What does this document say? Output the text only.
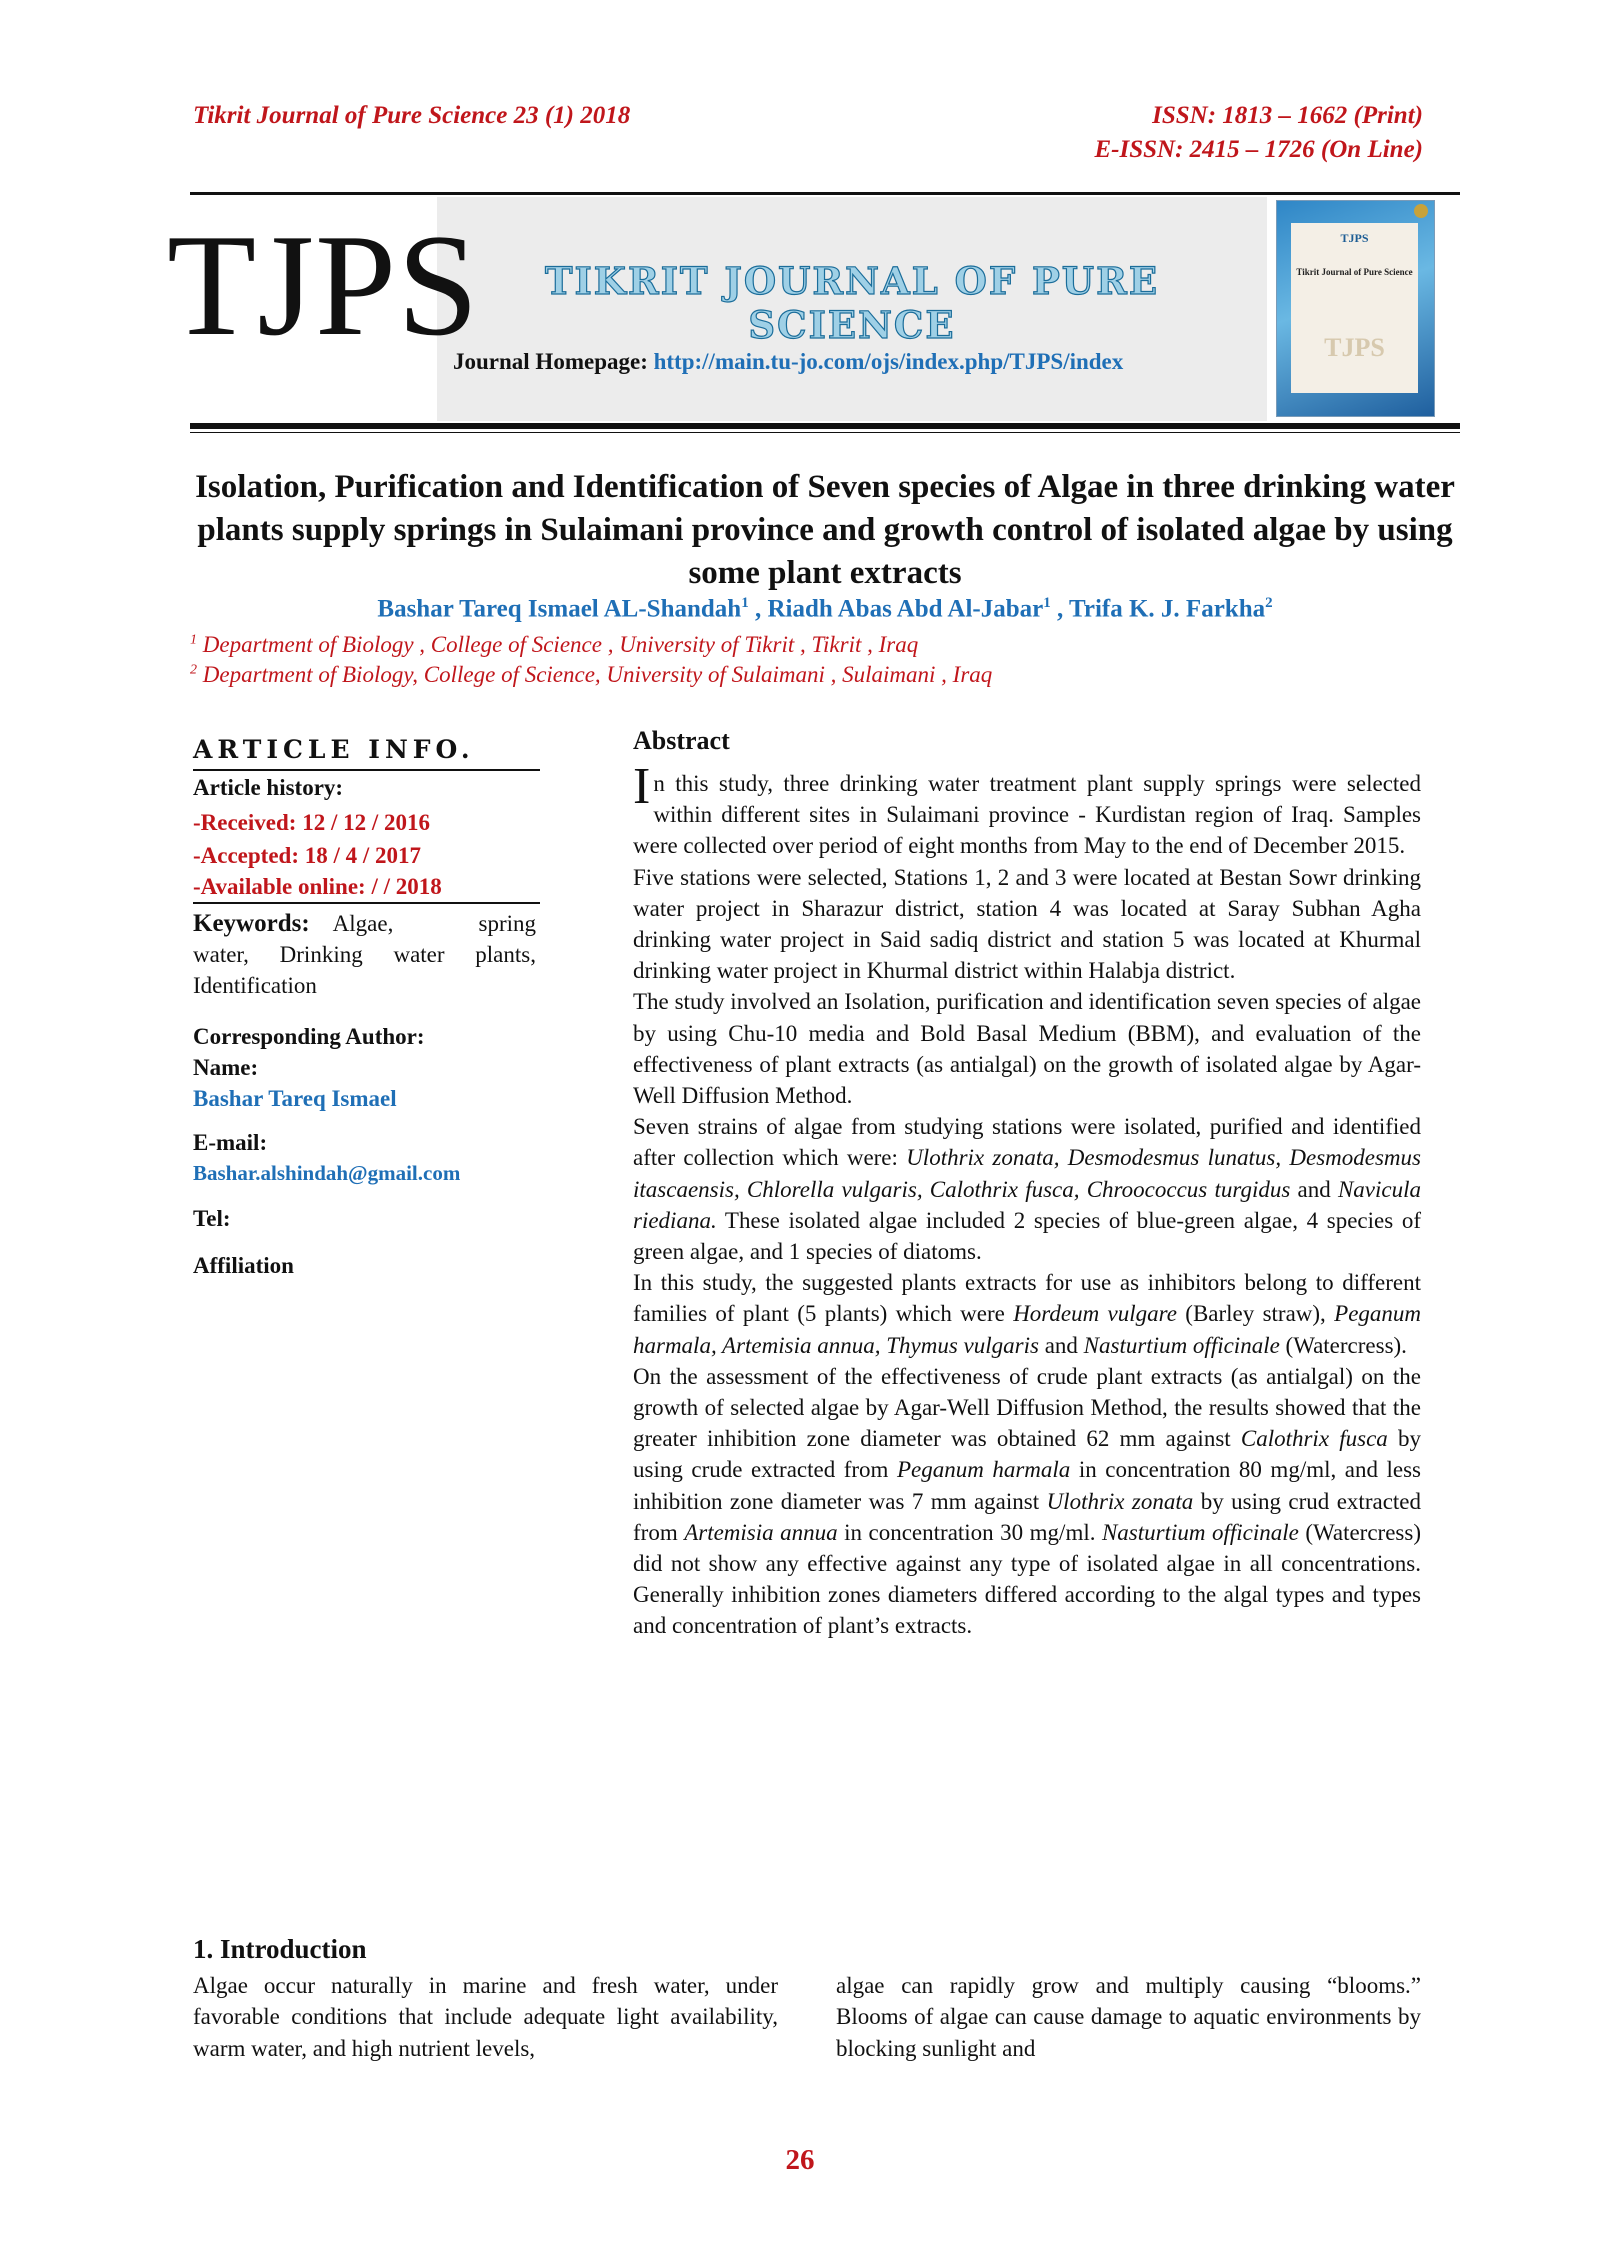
Tikrit Journal of Pure Science 23 (1) 2018	ISSN: 1813 – 1662 (Print)
E-ISSN: 2415 – 1726 (On Line)
TJPS	TIKRIT JOURNAL OF PURE SCIENCE
Journal Homepage: http://main.tu-jo.com/ojs/index.php/TJPS/index
TJPS
Tikrit Journal of Pure Science
TJPS
Isolation, Purification and Identification of Seven species of Algae in three drinking water plants supply springs in Sulaimani province and growth control of isolated algae by using some plant extracts
Bashar Tareq Ismael AL-Shandah$^1$ , Riadh Abas Abd Al-Jabar$^1$ , Trifa K. J. Farkha$^2$
$^1$ Department of Biology , College of Science , University of Tikrit , Tikrit , Iraq
$^2$ Department of Biology, College of Science, University of Sulaimani , Sulaimani , Iraq
ARTICLE INFO.
Article history:
-Received: 12 / 12 / 2016
-Accepted: 18 / 4 / 2017
-Available online: / / 2018
Keywords: Algae,	spring
water, Drinking water plants, Identification
Corresponding Author:
Name:
Bashar Tareq Ismael
E-mail:
Bashar.alshindah@gmail.com
Tel:
Affiliation
Abstract

In this study, three drinking water treatment plant supply springs were selected within different sites in Sulaimani province - Kurdistan region of Iraq. Samples were collected over period of eight months from May to the end of December 2015.

Five stations were selected, Stations 1, 2 and 3 were located at Bestan Sowr drinking water project in Sharazur district, station 4 was located at Saray Subhan Agha drinking water project in Said sadiq district and station 5 was located at Khurmal drinking water project in Khurmal district within Halabja district.

The study involved an Isolation, purification and identification seven species of algae by using Chu-10 media and Bold Basal Medium (BBM), and evaluation of the effectiveness of plant extracts (as antialgal) on the growth of isolated algae by Agar-Well Diffusion Method.

Seven strains of algae from studying stations were isolated, purified and identified after collection which were: Ulothrix zonata, Desmodesmus lunatus, Desmodesmus itascaensis, Chlorella vulgaris, Calothrix fusca, Chroococcus turgidus and Navicula riediana. These isolated algae included 2 species of blue-green algae, 4 species of green algae, and 1 species of diatoms.

In this study, the suggested plants extracts for use as inhibitors belong to different families of plant (5 plants) which were Hordeum vulgare (Barley straw), Peganum harmala, Artemisia annua, Thymus vulgaris and Nasturtium officinale (Watercress).

On the assessment of the effectiveness of crude plant extracts (as antialgal) on the growth of selected algae by Agar-Well Diffusion Method, the results showed that the greater inhibition zone diameter was obtained 62 mm against Calothrix fusca by using crude extracted from Peganum harmala in concentration 80 mg/ml, and less inhibition zone diameter was 7 mm against Ulothrix zonata by using crud extracted from Artemisia annua in concentration 30 mg/ml. Nasturtium officinale (Watercress) did not show any effective against any type of isolated algae in all concentrations. Generally inhibition zones diameters differed according to the algal types and types and concentration of plant’s extracts.

1. Introduction
Algae occur naturally in marine and fresh water, under favorable conditions that include adequate light availability, warm water, and high nutrient levels,
algae can rapidly grow and multiply causing “blooms.” Blooms of algae can cause damage to aquatic environments by blocking sunlight and
26
